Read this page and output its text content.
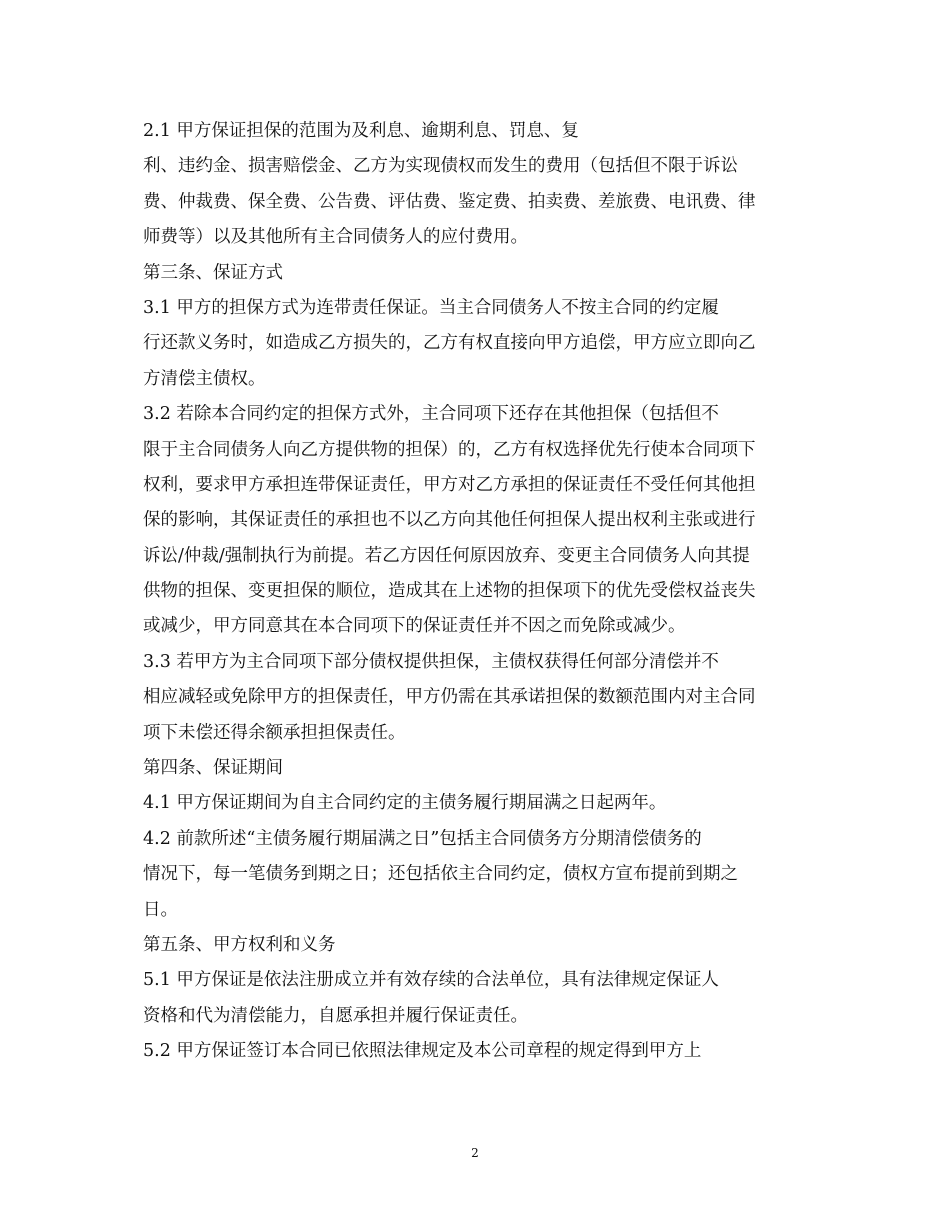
2.1 甲方保证担保的范围为及利息、逾期利息、罚息、复
利、违约金、损害赔偿金、乙方为实现债权而发生的费用（包括但不限于诉讼
费、仲裁费、保全费、公告费、评估费、鉴定费、拍卖费、差旅费、电讯费、律
师费等）以及其他所有主合同债务人的应付费用。
第三条、保证方式
3.1 甲方的担保方式为连带责任保证。当主合同债务人不按主合同的约定履
行还款义务时，如造成乙方损失的，乙方有权直接向甲方追偿，甲方应立即向乙
方清偿主债权。
3.2 若除本合同约定的担保方式外，主合同项下还存在其他担保（包括但不
限于主合同债务人向乙方提供物的担保）的，乙方有权选择优先行使本合同项下
权利，要求甲方承担连带保证责任，甲方对乙方承担的保证责任不受任何其他担
保的影响，其保证责任的承担也不以乙方向其他任何担保人提出权利主张或进行
诉讼/仲裁/强制执行为前提。若乙方因任何原因放弃、变更主合同债务人向其提
供物的担保、变更担保的顺位，造成其在上述物的担保项下的优先受偿权益丧失
或减少，甲方同意其在本合同项下的保证责任并不因之而免除或减少。
3.3 若甲方为主合同项下部分债权提供担保，主债权获得任何部分清偿并不
相应减轻或免除甲方的担保责任，甲方仍需在其承诺担保的数额范围内对主合同
项下未偿还得余额承担担保责任。
第四条、保证期间
4.1 甲方保证期间为自主合同约定的主债务履行期届满之日起两年。
4.2 前款所述“主债务履行期届满之日”包括主合同债务方分期清偿债务的
情况下，每一笔债务到期之日；还包括依主合同约定，债权方宣布提前到期之
日。
第五条、甲方权利和义务
5.1 甲方保证是依法注册成立并有效存续的合法单位，具有法律规定保证人
资格和代为清偿能力，自愿承担并履行保证责任。
5.2 甲方保证签订本合同已依照法律规定及本公司章程的规定得到甲方上
2
